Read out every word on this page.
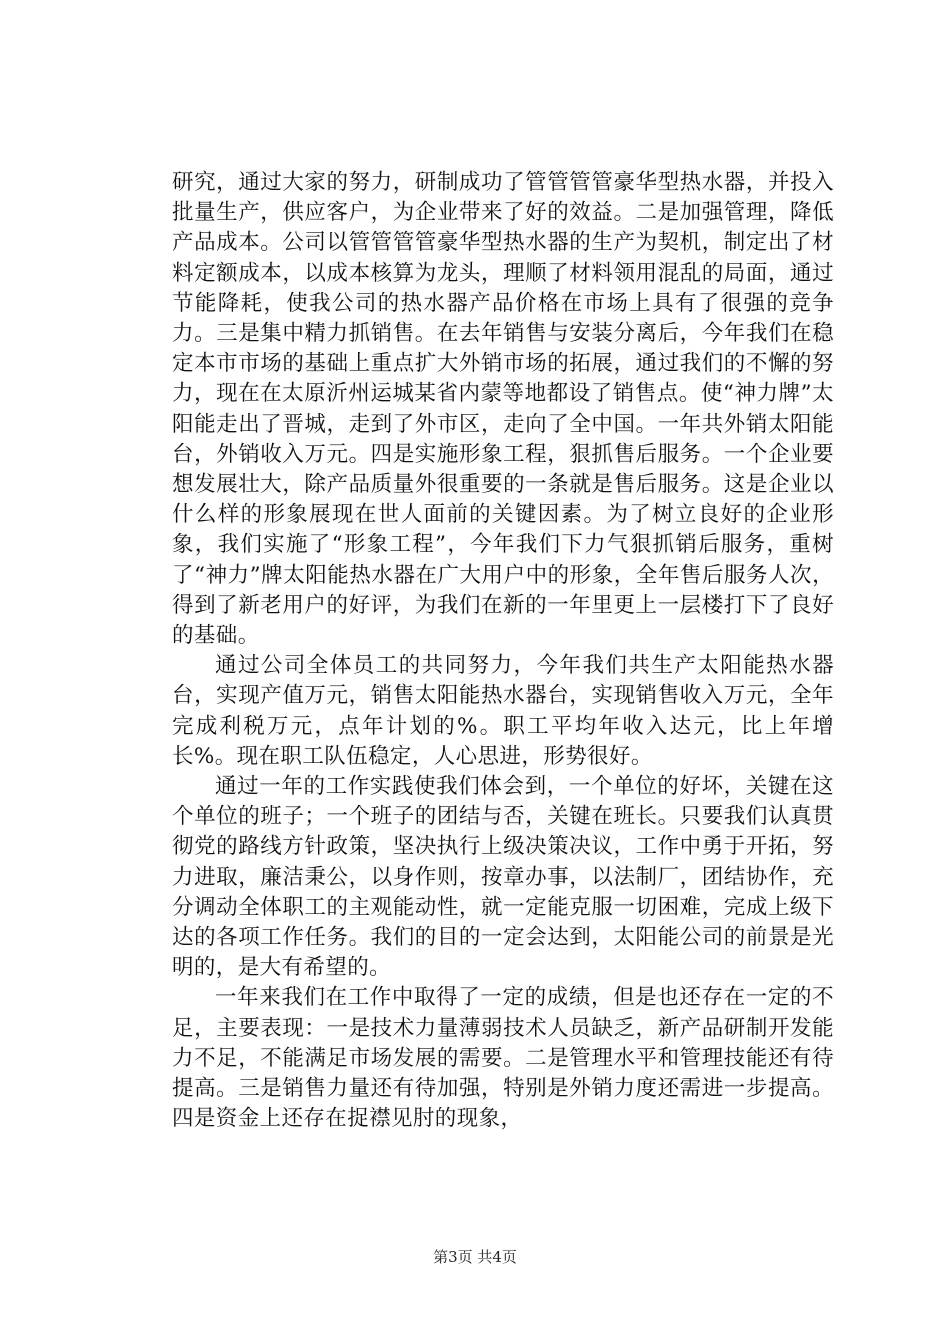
研究，通过大家的努力，研制成功了管管管管豪华型热水器，并投入批量生产，供应客户，为企业带来了好的效益。二是加强管理，降低产品成本。公司以管管管管豪华型热水器的生产为契机，制定出了材料定额成本，以成本核算为龙头，理顺了材料领用混乱的局面，通过节能降耗，使我公司的热水器产品价格在市场上具有了很强的竞争力。三是集中精力抓销售。在去年销售与安装分离后，今年我们在稳定本市市场的基础上重点扩大外销市场的拓展，通过我们的不懈的努力，现在在太原沂州运城某省内蒙等地都设了销售点。使“神力牌”太阳能走出了晋城，走到了外市区，走向了全中国。一年共外销太阳能台，外销收入万元。四是实施形象工程，狠抓售后服务。一个企业要想发展壮大，除产品质量外很重要的一条就是售后服务。这是企业以什么样的形象展现在世人面前的关键因素。为了树立良好的企业形象，我们实施了“形象工程”，今年我们下力气狠抓销后服务，重树了“神力”牌太阳能热水器在广大用户中的形象，全年售后服务人次，得到了新老用户的好评，为我们在新的一年里更上一层楼打下了良好的基础。

通过公司全体员工的共同努力，今年我们共生产太阳能热水器台，实现产值万元，销售太阳能热水器台，实现销售收入万元，全年完成利税万元，点年计划的%。职工平均年收入达元，比上年增长%。现在职工队伍稳定，人心思进，形势很好。

通过一年的工作实践使我们体会到，一个单位的好坏，关键在这个单位的班子；一个班子的团结与否，关键在班长。只要我们认真贯彻党的路线方针政策，坚决执行上级决策决议，工作中勇于开拓，努力进取，廉洁秉公，以身作则，按章办事，以法制厂，团结协作，充分调动全体职工的主观能动性，就一定能克服一切困难，完成上级下达的各项工作任务。我们的目的一定会达到，太阳能公司的前景是光明的，是大有希望的。

一年来我们在工作中取得了一定的成绩，但是也还存在一定的不足，主要表现：一是技术力量薄弱技术人员缺乏，新产品研制开发能力不足，不能满足市场发展的需要。二是管理水平和管理技能还有待提高。三是销售力量还有待加强，特别是外销力度还需进一步提高。四是资金上还存在捉襟见肘的现象，

第3页 共4页
